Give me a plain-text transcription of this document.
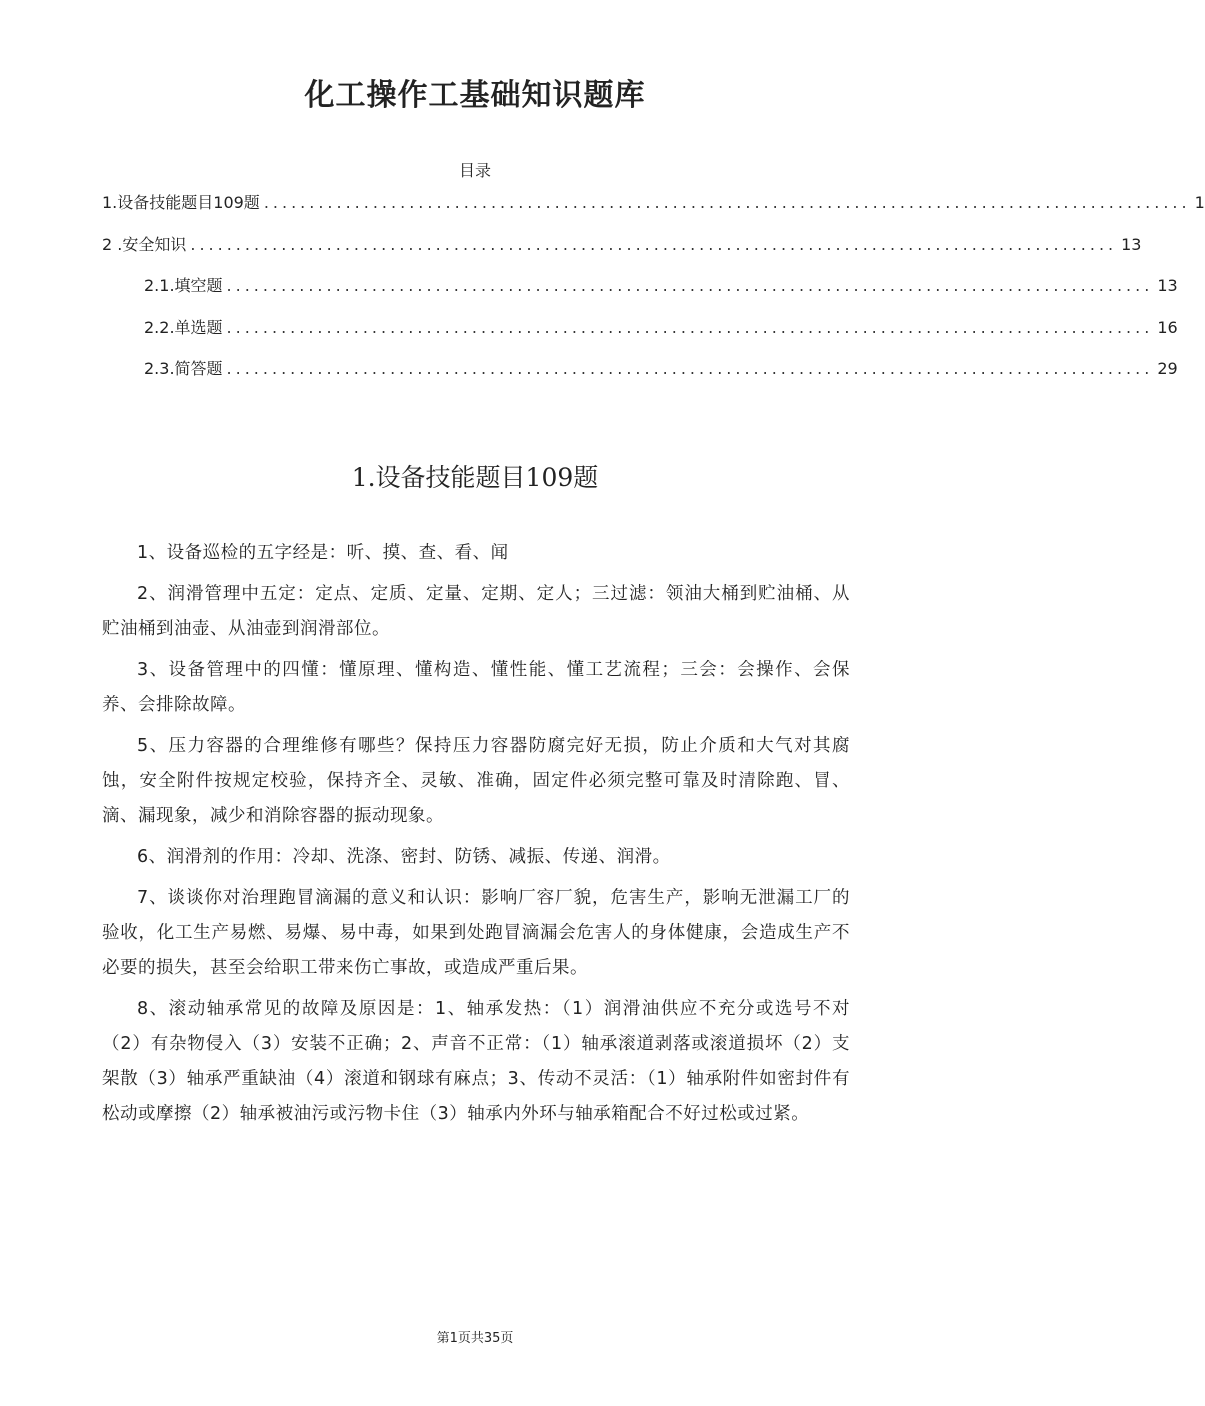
化工操作工基础知识题库
目录
1.设备技能题目109题 ...................................................................................................... 1
2 .安全知识 ...................................................................................................... 13
2.1.填空题 ...................................................................................................... 13
2.2.单选题 ...................................................................................................... 16
2.3.简答题 ...................................................................................................... 29
1.设备技能题目109题

1、设备巡检的五字经是：听、摸、查、看、闻

2、润滑管理中五定：定点、定质、定量、定期、定人；三过滤：领油大桶到贮油桶、从贮油桶到油壶、从油壶到润滑部位。

3、设备管理中的四懂：懂原理、懂构造、懂性能、懂工艺流程；三会：会操作、会保养、会排除故障。

5、压力容器的合理维修有哪些？保持压力容器防腐完好无损，防止介质和大气对其腐蚀，安全附件按规定校验，保持齐全、灵敏、准确，固定件必须完整可靠及时清除跑、冒、滴、漏现象，减少和消除容器的振动现象。

6、润滑剂的作用：冷却、洗涤、密封、防锈、减振、传递、润滑。

7、谈谈你对治理跑冒滴漏的意义和认识：影响厂容厂貌，危害生产，影响无泄漏工厂的验收，化工生产易燃、易爆、易中毒，如果到处跑冒滴漏会危害人的身体健康，会造成生产不必要的损失，甚至会给职工带来伤亡事故，或造成严重后果。

8、滚动轴承常见的故障及原因是：1、轴承发热：（1）润滑油供应不充分或选号不对（2）有杂物侵入（3）安装不正确；2、声音不正常：（1）轴承滚道剥落或滚道损坏（2）支架散（3）轴承严重缺油（4）滚道和钢球有麻点；3、传动不灵活：（1）轴承附件如密封件有松动或摩擦（2）轴承被油污或污物卡住（3）轴承内外环与轴承箱配合不好过松或过紧。

第1页共35页
